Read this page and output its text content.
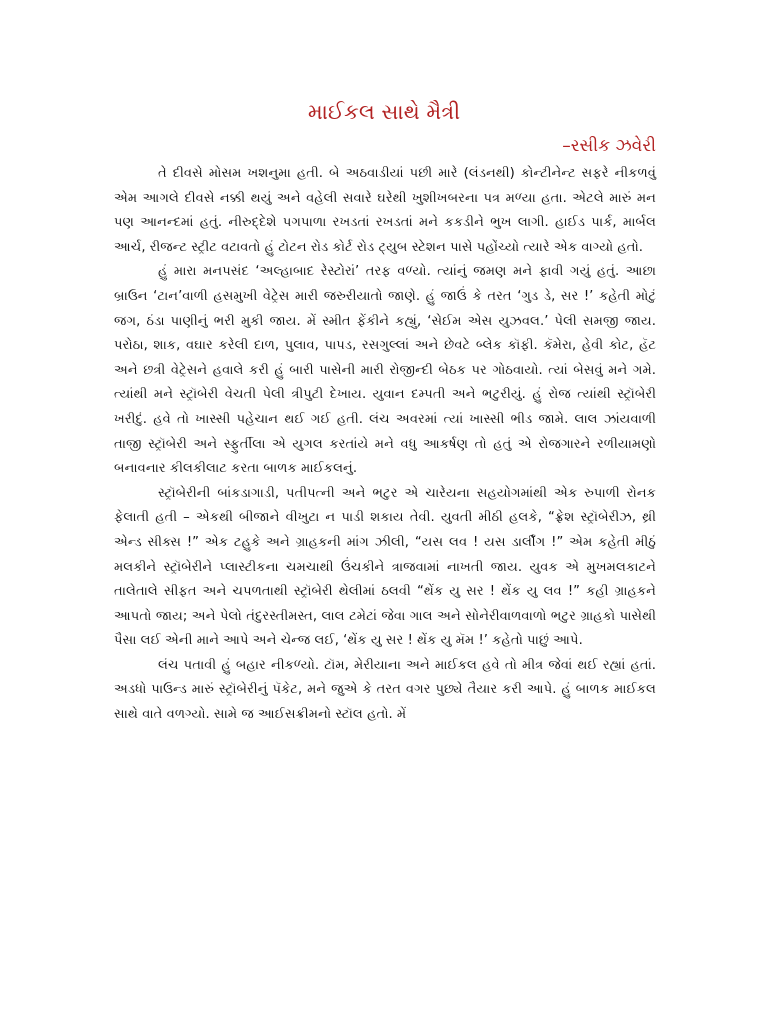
માઈકલ સાથે મૈત્રી
–રસીક ઝવેરી

તે દીવસે મોસમ ખશનુમા હતી. બે અઠવાડીયાં પછી મારે (લંડનથી) કોન્ટીનેન્ટ સફરે નીકળવું એમ આગલે દીવસે નક્કી થયું અને વહેલી સવારે ઘરેથી ખુશીખબરના પત્ર મળ્યા હતા. એટલે મારું મન પણ આનન્દમાં હતું. નીરુદ્દેશે પગપાળા રખડતાં રખડતાં મને કકડીને ભુખ લાગી. હાઈડ પાર્ક, માર્બલ આર્ચ, રીજન્ટ સ્ટ્રીટ વટાવતો હું ટોટન રોડ કોર્ટ રોડ ટ્યુબ સ્ટેશન પાસે પહોંચ્યો ત્યારે એક વાગ્યો હતો.

હું મારા મનપસંદ ‘અલ્હાબાદ રેસ્ટોરાં’ તરફ વળ્યો. ત્યાંનું જમણ મને ફાવી ગયું હતું. આછા બ્રાઉન ‘ટાન’વાળી હસમુખી વેટ્રેસ મારી જરુરીયાતો જાણે. હું જાઉં કે તરત ‘ગુડ ડે, સર !’ કહેતી મોટું જગ, ઠંડા પાણીનું ભરી મુકી જાય. મેં સ્મીત ફેંકીને કહ્યું, ‘સેઈમ એસ યુઝવલ.’ પેલી સમજી જાય. પરોઠા, શાક, વઘાર કરેલી દાળ, પુલાવ, પાપડ, રસગુલ્લાં અને છેવટે બ્લેક કૉફી. કૅમેરા, હેવી કોટ, હૅટ અને છત્રી વેટ્રેસને હવાલે કરી હું બારી પાસેની મારી રોજીન્દી બેઠક પર ગોઠવાયો. ત્યાં બેસવું મને ગમે. ત્યાંથી મને સ્ટ્રૉબેરી વેચતી પેલી ત્રીપુટી દેખાય. યુવાન દમ્પતી અને ભટુરીયું. હું રોજ ત્યાંથી સ્ટ્રૉબેરી ખરીદું. હવે તો ખાસ્સી પહેચાન થઈ ગઈ હતી. લંચ અવરમાં ત્યાં ખાસ્સી ભીડ જામે. લાલ ઝાંયવાળી તાજી સ્ટ્રૉબેરી અને સ્ફુર્તીલા એ યુગલ કરતાંયે મને વધુ આકર્ષણ તો હતું એ રોજગારને રળીયામણો બનાવનાર કીલકીલાટ કરતા બાળક માઈકલનું.

સ્ટ્રૉબેરીની બાંકડાગાડી, પતીપત્ની અને ભટુર એ ચારેયના સહયોગમાંથી એક રુપાળી રોનક ફેલાતી હતી – એકથી બીજાને વીખુટા ન પાડી શકાય તેવી. યુવતી મીઠી હલકે, “ફ્રેશ સ્ટ્રૉબેરીઝ, થ્રી એન્ડ સીક્સ !” એક ટહુકે અને ગ્રાહકની માંગ ઝીલી, “યસ લવ ! યસ ડાર્લીંગ !” એમ કહેતી મીઠું મલકીને સ્ટ્રૉબેરીને પ્લાસ્ટીકના ચમચાથી ઉંચકીને ત્રાજવામાં નાખતી જાય. યુવક એ મુખમલકાટને તાલેતાલે સીફત અને ચપળતાથી સ્ટ્રૉબેરી થેલીમાં ઠલવી “થેંક યુ સર ! થેંક યુ લવ !” કહી ગ્રાહકને આપતો જાય; અને પેલો તંદુરસ્તીમસ્ત, લાલ ટમેટાં જેવા ગાલ અને સોનેરીવાળવાળો ભટુર ગ્રાહકો પાસેથી પૈસા લઈ એની માને આપે અને ચેન્જ લઈ, ‘થેંક યુ સર ! થેંક યુ મૅમ !’ કહેતો પાછું આપે.

લંચ પતાવી હું બહાર નીકળ્યો. ટૉમ, મેરીયાના અને માઈકલ હવે તો મીત્ર જેવાં થઈ રહ્યાં હતાં. અડધો પાઉન્ડ મારું સ્ટ્રૉબેરીનું પૅકેટ, મને જુએ કે તરત વગર પુછ્યે તૈયાર કરી આપે. હું બાળક માઈકલ સાથે વાતે વળગ્યો. સામે જ આઈસક્રીમનો સ્ટૉલ હતો. મેં
